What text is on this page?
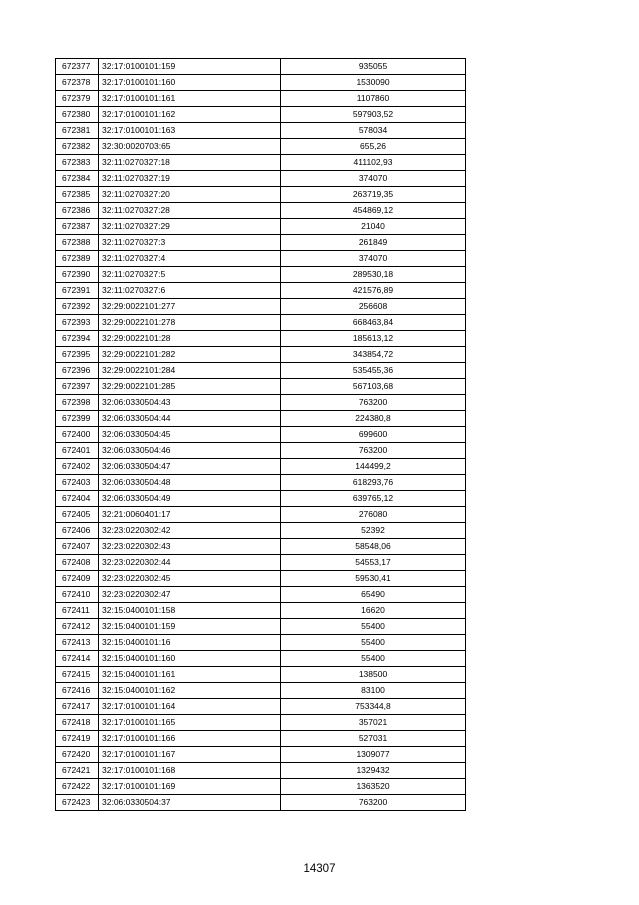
672377	32:17:0100101:159	935055
672378	32:17:0100101:160	1530090
672379	32:17:0100101:161	1107860
672380	32:17:0100101:162	597903,52
672381	32:17:0100101:163	578034
672382	32:30:0020703:65	655,26
672383	32:11:0270327:18	411102,93
672384	32:11:0270327:19	374070
672385	32:11:0270327:20	263719,35
672386	32:11:0270327:28	454869,12
672387	32:11:0270327:29	21040
672388	32:11:0270327:3	261849
672389	32:11:0270327:4	374070
672390	32:11:0270327:5	289530,18
672391	32:11:0270327:6	421576,89
672392	32:29:0022101:277	256608
672393	32:29:0022101:278	668463,84
672394	32:29:0022101:28	185613,12
672395	32:29:0022101:282	343854,72
672396	32:29:0022101:284	535455,36
672397	32:29:0022101:285	567103,68
672398	32:06:0330504:43	763200
672399	32:06:0330504:44	224380,8
672400	32:06:0330504:45	699600
672401	32:06:0330504:46	763200
672402	32:06:0330504:47	144499,2
672403	32:06:0330504:48	618293,76
672404	32:06:0330504:49	639765,12
672405	32:21:0060401:17	276080
672406	32:23:0220302:42	52392
672407	32:23:0220302:43	58548,06
672408	32:23:0220302:44	54553,17
672409	32:23:0220302:45	59530,41
672410	32:23:0220302:47	65490
672411	32:15:0400101:158	16620
672412	32:15:0400101:159	55400
672413	32:15:0400101:16	55400
672414	32:15:0400101:160	55400
672415	32:15:0400101:161	138500
672416	32:15:0400101:162	83100
672417	32:17:0100101:164	753344,8
672418	32:17:0100101:165	357021
672419	32:17:0100101:166	527031
672420	32:17:0100101:167	1309077
672421	32:17:0100101:168	1329432
672422	32:17:0100101:169	1363520
672423	32:06:0330504:37	763200
14307
